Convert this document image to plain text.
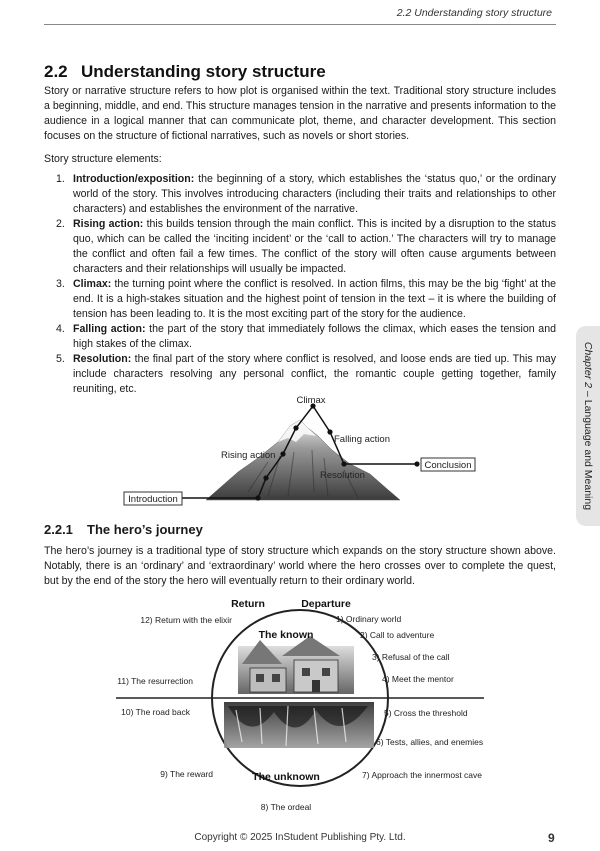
2.2 Understanding story structure
2.2 Understanding story structure

Story or narrative structure refers to how plot is organised within the text. Traditional story structure includes a beginning, middle, and end. This structure manages tension in the narrative and presents information to the audience in a logical manner that can communicate plot, theme, and character development. This section focuses on the structure of fictional narratives, such as novels or short stories.

Story structure elements:

1. Introduction/exposition: the beginning of a story, which establishes the ‘status quo,’ or the ordinary world of the story. This involves introducing characters (including their traits and relationships to other characters) and establishes the environment of the narrative.
2. Rising action: this builds tension through the main conflict. This is incited by a disruption to the status quo, which can be called the ‘inciting incident’ or the ‘call to action.’ The characters will try to manage the conflict and often fail a few times. The conflict of the story will often cause arguments between characters and their relationships will usually be impacted.
3. Climax: the turning point where the conflict is resolved. In action films, this may be the big ‘fight’ at the end. It is a high-stakes situation and the highest point of tension in the text – it is where the building of tension has been leading to. It is the most exciting part of the story for the audience.
4. Falling action: the part of the story that immediately follows the climax, which eases the tension and high stakes of the climax.
5. Resolution: the final part of the story where conflict is resolved, and loose ends are tied up. This may include characters resolving any personal conflict, the romantic couple getting together, family reuniting, etc.
Chapter 2 – Language and Meaning
Introduction
Conclusion
Climax
Falling action
Rising action
Resolution
2.2.1 The hero’s journey

The hero’s journey is a traditional type of story structure which expands on the story structure shown above. Notably, there is an ‘ordinary’ and ‘extraordinary’ world where the hero crosses over to complete the quest, but by the end of the story the hero will eventually return to their ordinary world.

Return	Departure
The known
The unknown
1) Ordinary world
2) Call to adventure
3) Refusal of the call
4) Meet the mentor
5) Cross the threshold
6) Tests, allies, and enemies
7) Approach the innermost cave
8) The ordeal
9) The reward
10) The road back
11) The resurrection
12) Return with the elixir
Copyright © 2025 InStudent Publishing Pty. Ltd.	9
